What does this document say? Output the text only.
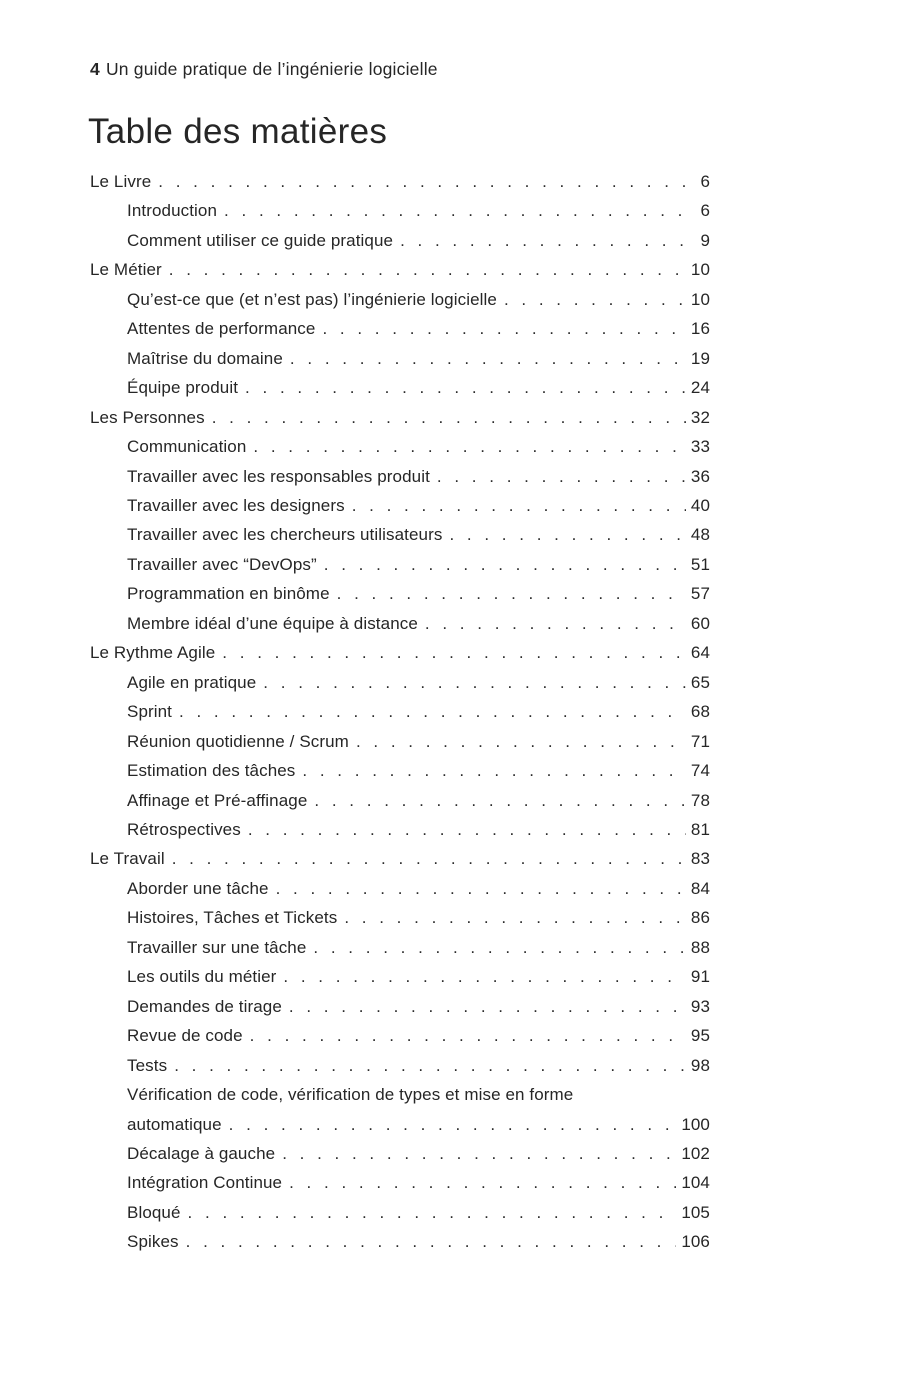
4 Un guide pratique de l’ingénierie logicielle
Table des matières
Le Livre . . .	6
Introduction . . .	6
Comment utiliser ce guide pratique . . .	9
Le Métier . . .	10
Qu’est-ce que (et n’est pas) l’ingénierie logicielle . . .	10
Attentes de performance . . .	16
Maîtrise du domaine . . .	19
Équipe produit . . .	24
Les Personnes . . .	32
Communication . . .	33
Travailler avec les responsables produit . . .	36
Travailler avec les designers . . .	40
Travailler avec les chercheurs utilisateurs . . .	48
Travailler avec “DevOps” . . .	51
Programmation en binôme . . .	57
Membre idéal d’une équipe à distance . . .	60
Le Rythme Agile . . .	64
Agile en pratique . . .	65
Sprint . . .	68
Réunion quotidienne / Scrum . . .	71
Estimation des tâches . . .	74
Affinage et Pré-affinage . . .	78
Rétrospectives . . .	81
Le Travail . . .	83
Aborder une tâche . . .	84
Histoires, Tâches et Tickets . . .	86
Travailler sur une tâche . . .	88
Les outils du métier . . .	91
Demandes de tirage . . .	93
Revue de code . . .	95
Tests . . .	98
Vérification de code, vérification de types et mise en forme
automatique . . .	100
Décalage à gauche . . .	102
Intégration Continue . . .	104
Bloqué . . .	105
Spikes . . .	106
